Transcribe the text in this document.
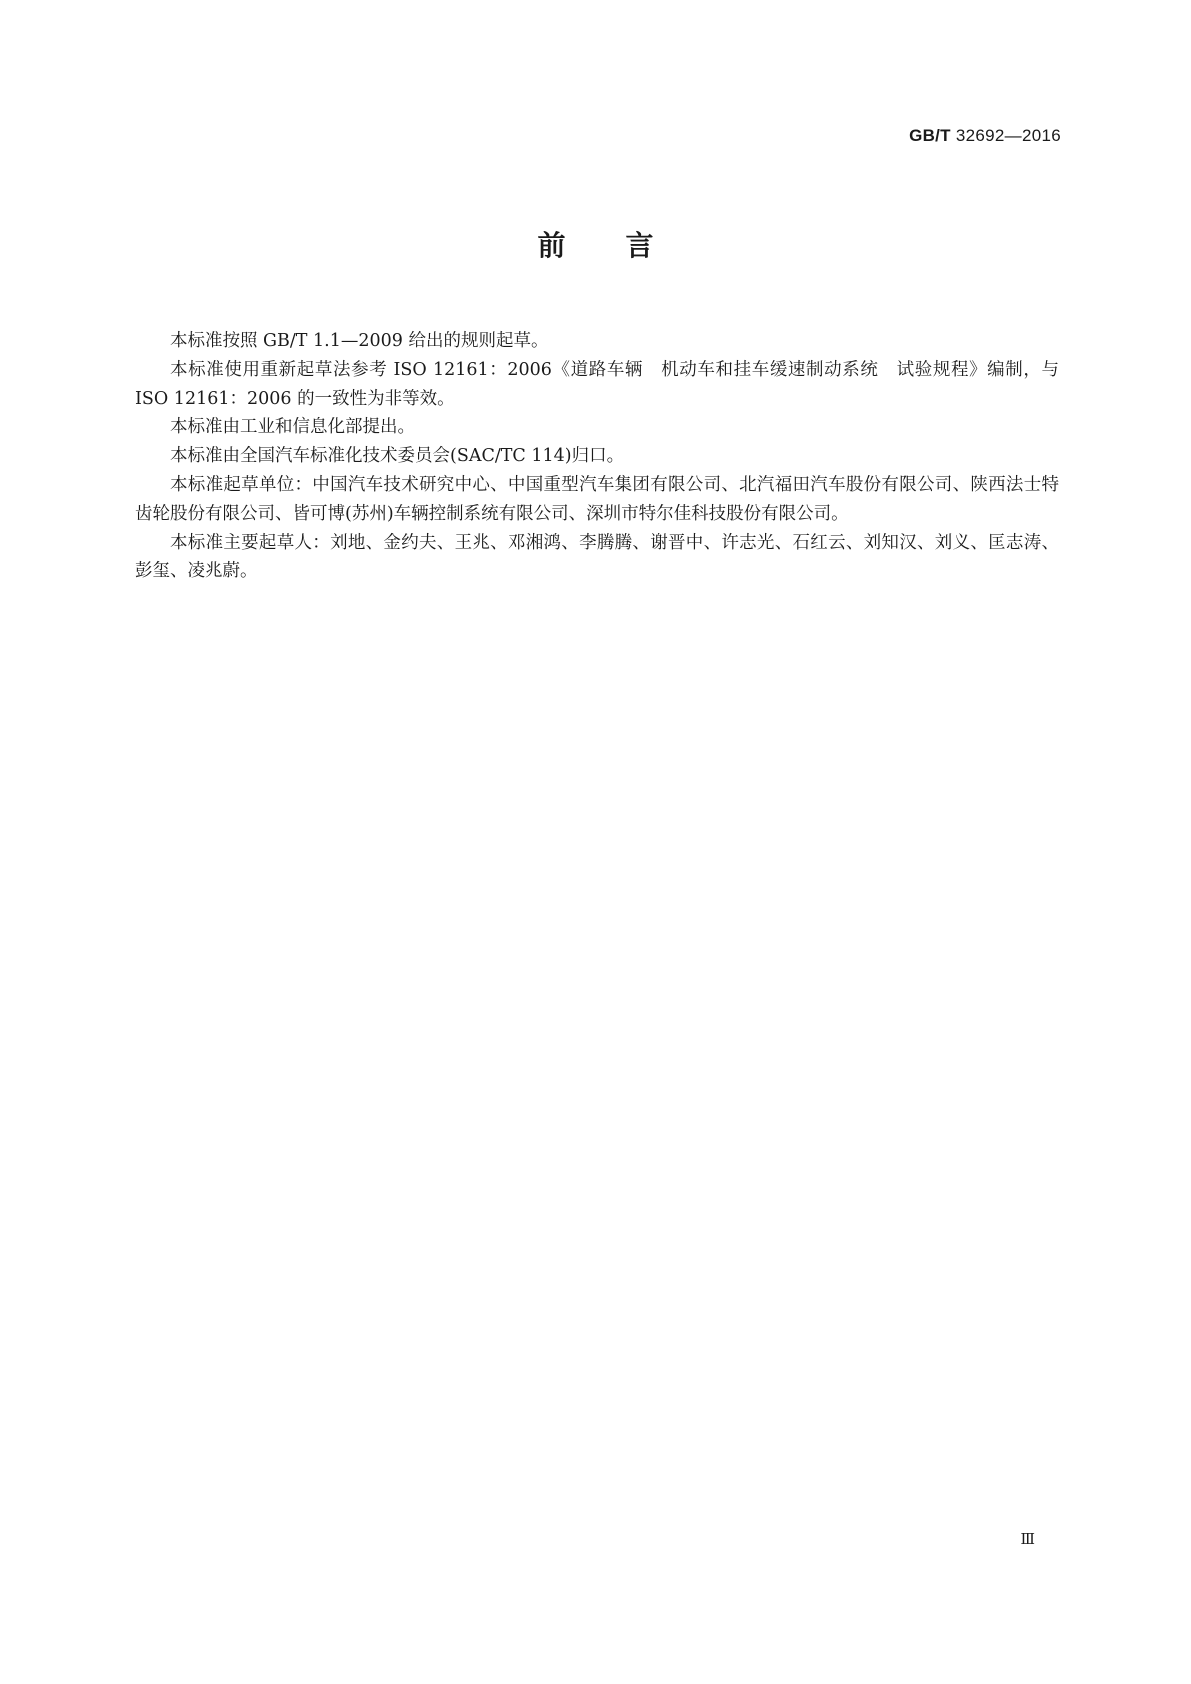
GB/T 32692—2016
前言

本标准按照 GB/T 1.1—2009 给出的规则起草。

本标准使用重新起草法参考 ISO 12161：2006《道路车辆　机动车和挂车缓速制动系统　试验规程》编制，与 ISO 12161：2006 的一致性为非等效。

本标准由工业和信息化部提出。

本标准由全国汽车标准化技术委员会(SAC/TC 114)归口。

本标准起草单位：中国汽车技术研究中心、中国重型汽车集团有限公司、北汽福田汽车股份有限公司、陕西法士特齿轮股份有限公司、皆可博(苏州)车辆控制系统有限公司、深圳市特尔佳科技股份有限公司。

本标准主要起草人：刘地、金约夫、王兆、邓湘鸿、李腾腾、谢晋中、许志光、石红云、刘知汉、刘义、匡志涛、彭玺、凌兆蔚。

Ⅲ
